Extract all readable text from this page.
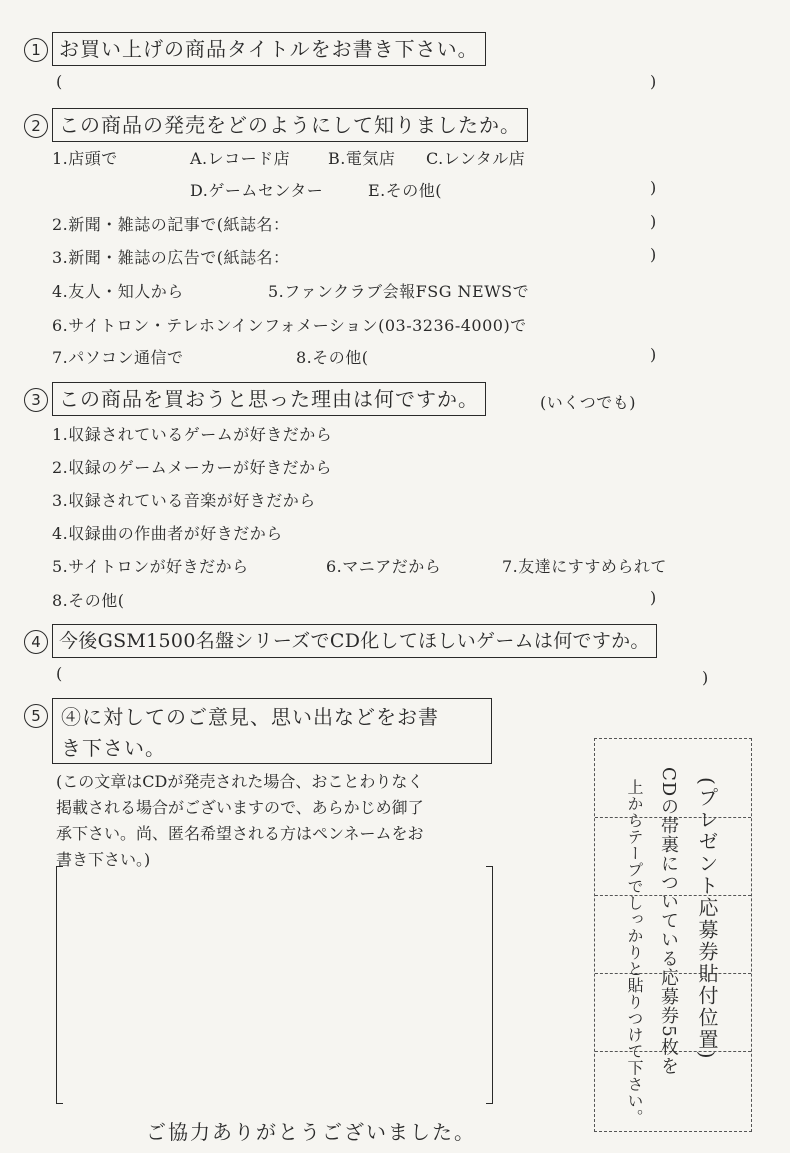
1 お買い上げの商品タイトルをお書き下さい。
(	)
2 この商品の発売をどのようにして知りましたか。
1.店頭で	A.レコード店 B.電気店 C.レンタル店
D.ゲームセンター	E.その他(	)
2.新聞・雑誌の記事で(紙誌名：	)
3.新聞・雑誌の広告で(紙誌名：	)
4.友人・知人から	5.ファンクラブ会報FSG NEWSで
6.サイトロン・テレホンインフォメーション(03-3236-4000)で
7.パソコン通信で	8.その他(	)
3 この商品を買おうと思った理由は何ですか。	(いくつでも)
1.収録されているゲームが好きだから
2.収録のゲームメーカーが好きだから
3.収録されている音楽が好きだから
4.収録曲の作曲者が好きだから
5.サイトロンが好きだから	6.マニアだから	7.友達にすすめられて
8.その他(	)
4 今後GSM1500名盤シリーズでCD化してほしいゲームは何ですか。
(	)
5	④に対してのご意見、思い出などをお書
き下さい。
(この文章はCDが発売された場合、おことわりなく
掲載される場合がございますので、あらかじめ御了
承下さい。尚、匿名希望される方はペンネームをお
書き下さい。)	(プレゼント応募券貼付位置)
CDの帯裏についている応募券5枚を
上からテープでしっかりと貼りつけて下さい。
ご協力ありがとうございました。
